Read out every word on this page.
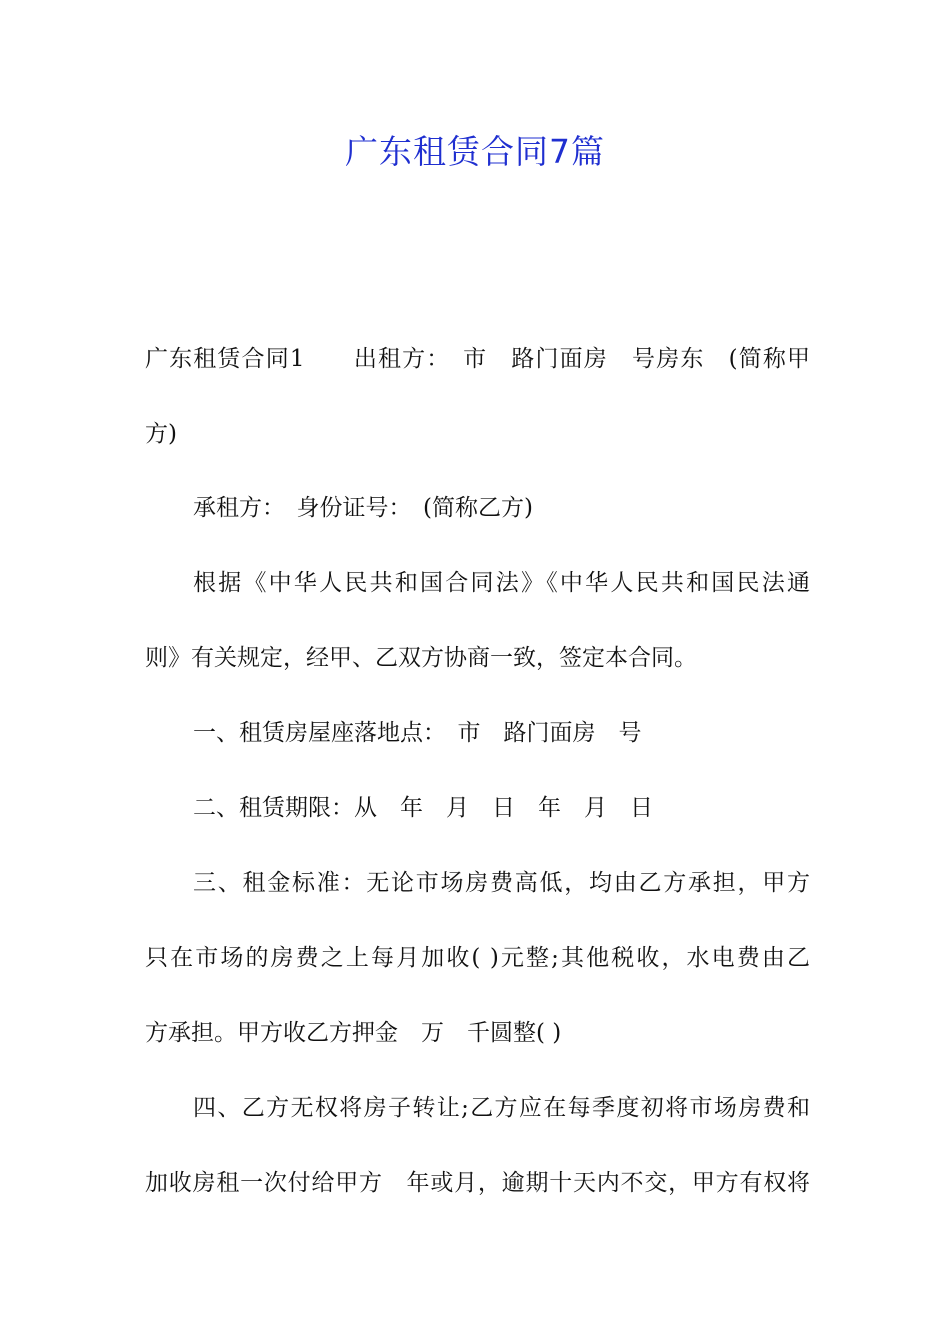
广东租赁合同7篇
广东租赁合同1　　出租方：　市　路门面房　号房东　(简称甲
方)
承租方：　身份证号：　(简称乙方)
根据《中华人民共和国合同法》《中华人民共和国民法通
则》有关规定，经甲、乙双方协商一致，签定本合同。
一、租赁房屋座落地点：　市　路门面房　号
二、租赁期限：从　年　月　日　年　月　日
三、租金标准：无论市场房费高低，均由乙方承担，甲方
只在市场的房费之上每月加收( )元整;其他税收，水电费由乙
方承担。甲方收乙方押金　万　千圆整( )
四、乙方无权将房子转让;乙方应在每季度初将市场房费和
加收房租一次付给甲方　年或月，逾期十天内不交，甲方有权将
